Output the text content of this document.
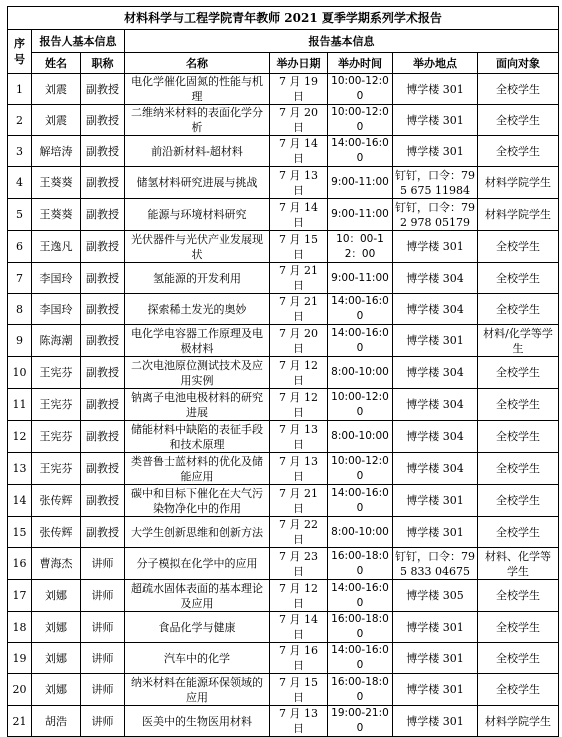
材料科学与工程学院青年教师 2021 夏季学期系列学术报告							
序号	报告人基本信息		报告基本信息				
	姓名	职称	名称	举办日期	举办时间	举办地点	面向对象
1	刘震	副教授	电化学催化固氮的性能与机理	7 月 19 日	10:00-12:00	博学楼 301	全校学生
2	刘震	副教授	二维纳米材料的表面化学分析	7 月 20 日	10:00-12:00	博学楼 301	全校学生
3	解培涛	副教授	前沿新材料-超材料	7 月 14 日	14:00-16:00	博学楼 301	全校学生
4	王葵葵	副教授	储氢材料研究进展与挑战	7 月 13 日	9:00-11:00	钉钉，口令：795 675 11984	材料学院学生
5	王葵葵	副教授	能源与环境材料研究	7 月 14 日	9:00-11:00	钉钉，口令：792 978 05179	材料学院学生
6	王逸凡	副教授	光伏器件与光伏产业发展现状	7 月 15 日	10：00-12：00	博学楼 301	全校学生
7	李国玲	副教授	氢能源的开发利用	7 月 21 日	9:00-11:00	博学楼 304	全校学生
8	李国玲	副教授	探索稀土发光的奥妙	7 月 21 日	14:00-16:00	博学楼 304	全校学生
9	陈海潮	副教授	电化学电容器工作原理及电极材料	7 月 20 日	14:00-16:00	博学楼 301	材料/化学等学生
10	王宪芬	副教授	二次电池原位测试技术及应用实例	7 月 12 日	8:00-10:00	博学楼 304	全校学生
11	王宪芬	副教授	钠离子电池电极材料的研究进展	7 月 12 日	10:00-12:00	博学楼 304	全校学生
12	王宪芬	副教授	储能材料中缺陷的表征手段和技术原理	7 月 13 日	8:00-10:00	博学楼 304	全校学生
13	王宪芬	副教授	类普鲁士蓝材料的优化及储能应用	7 月 13 日	10:00-12:00	博学楼 304	全校学生
14	张传辉	副教授	碳中和目标下催化在大气污染物净化中的作用	7 月 21 日	14:00-16:00	博学楼 301	全校学生
15	张传辉	副教授	大学生创新思维和创新方法	7 月 22 日	8:00-10:00	博学楼 301	全校学生
16	曹海杰	讲师	分子模拟在化学中的应用	7 月 23 日	16:00-18:00	钉钉，口令：795 833 04675	材料、化学等学生
17	刘娜	讲师	超疏水固体表面的基本理论及应用	7 月 12 日	14:00-16:00	博学楼 305	全校学生
18	刘娜	讲师	食品化学与健康	7 月 14 日	16:00-18:00	博学楼 301	全校学生
19	刘娜	讲师	汽车中的化学	7 月 16 日	14:00-16:00	博学楼 301	全校学生
20	刘娜	讲师	纳米材料在能源环保领域的应用	7 月 15 日	16:00-18:00	博学楼 301	全校学生
21	胡浩	讲师	医美中的生物医用材料	7 月 13 日	19:00-21:00	博学楼 301	材料学院学生
